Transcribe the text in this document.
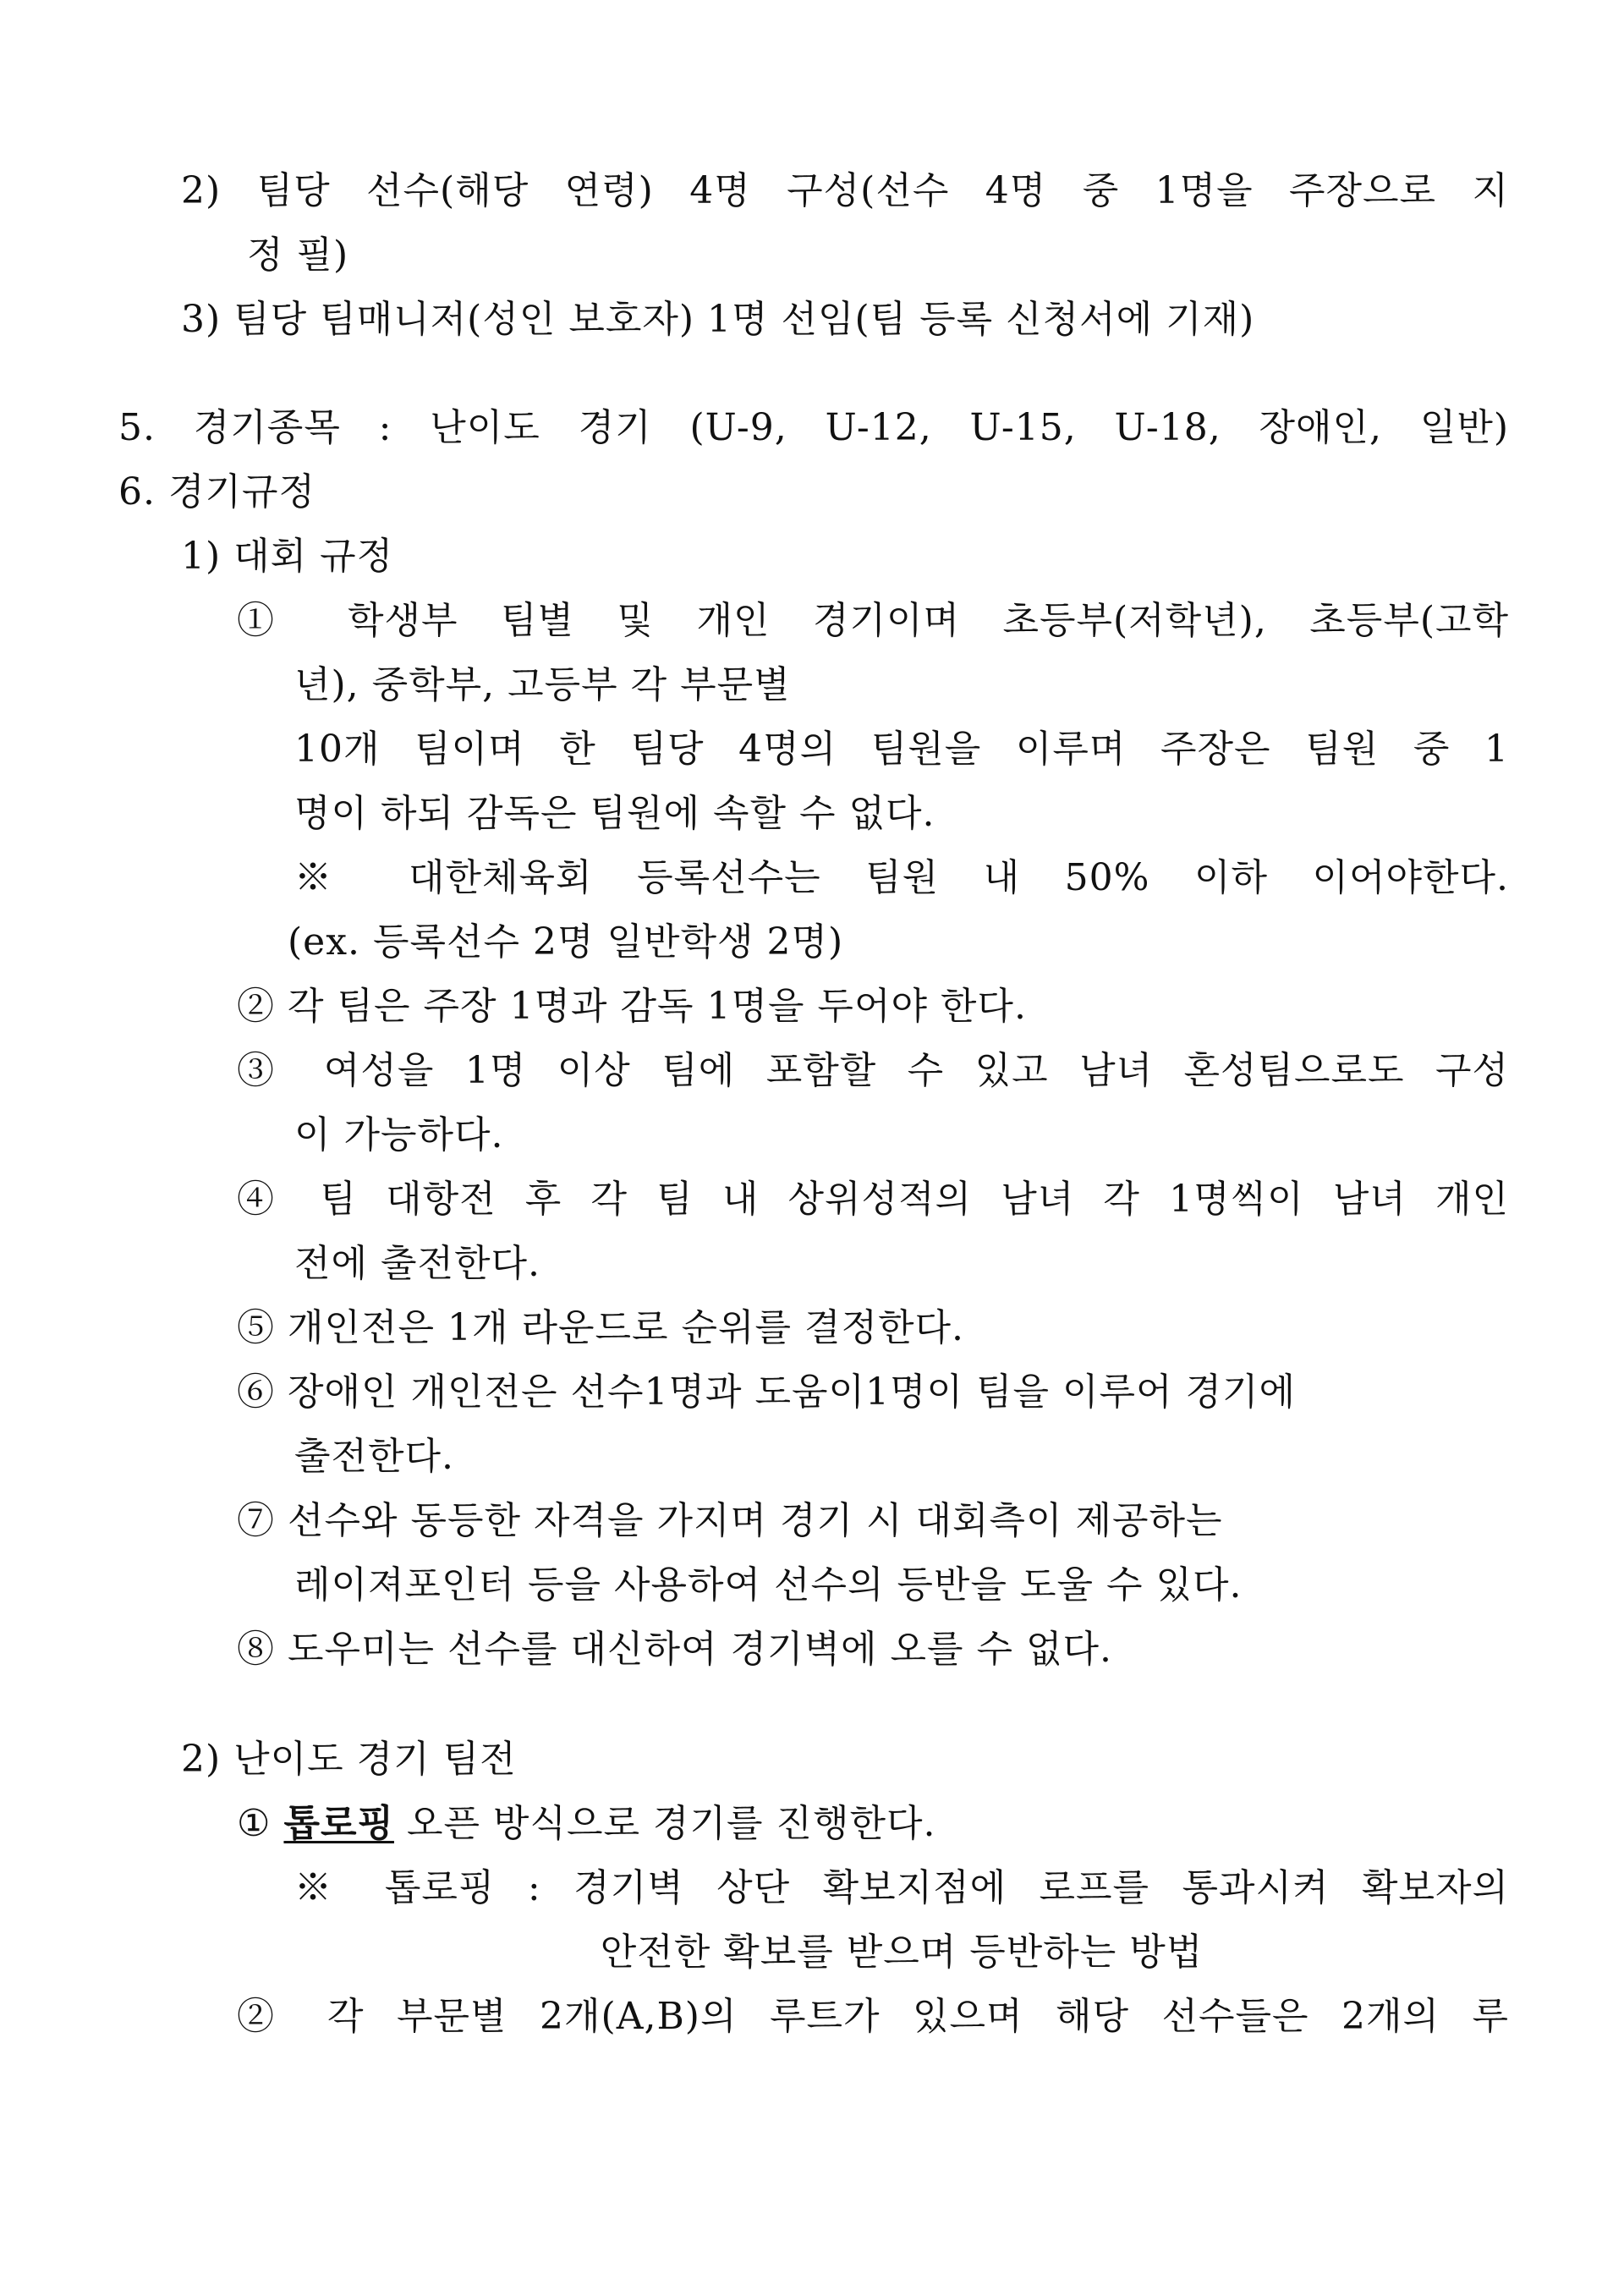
2) 팀당 선수(해당 연령) 4명 구성(선수 4명 중 1명을 주장으로 지
정 필)
3) 팀당 팀매니저(성인 보호자) 1명 선임(팀 등록 신청서에 기재)
5. 경기종목 : 난이도 경기 (U-9, U-12, U-15, U-18, 장애인, 일반)
6. 경기규정
1) 대회 규정
① 학생부 팀별 및 개인 경기이며 초등부(저학년), 초등부(고학
년), 중학부, 고등부 각 부문별
10개 팀이며 한 팀당 4명의 팀원을 이루며 주장은 팀원 중 1
명이 하되 감독은 팀원에 속할 수 없다.
※ 대한체육회 등록선수는 팀원 내 50% 이하 이어야한다.
(ex. 등록선수 2명 일반학생 2명)
② 각 팀은 주장 1명과 감독 1명을 두어야 한다.
③ 여성을 1명 이상 팀에 포함할 수 있고 남녀 혼성팀으로도 구성
이 가능하다.
④ 팀 대항전 후 각 팀 내 상위성적의 남녀 각 1명씩이 남녀 개인
전에 출전한다.
⑤ 개인전은 1개 라운드로 순위를 결정한다.
⑥ 장애인 개인전은 선수1명과 도움이1명이 팀을 이루어 경기에
출전한다.
⑦ 선수와 동등한 자격을 가지며 경기 시 대회측이 제공하는
레이져포인터 등을 사용하여 선수의 등반을 도울 수 있다.
⑧ 도우미는 선수를 대신하여 경기벽에 오를 수 없다.
2) 난이도 경기 팀전
① 톱로핑 오픈 방식으로 경기를 진행한다.
※ 톱로핑 : 경기벽 상단 확보지점에 로프를 통과시켜 확보자의
안전한 확보를 받으며 등반하는 방법
② 각 부문별 2개(A,B)의 루트가 있으며 해당 선수들은 2개의 루
